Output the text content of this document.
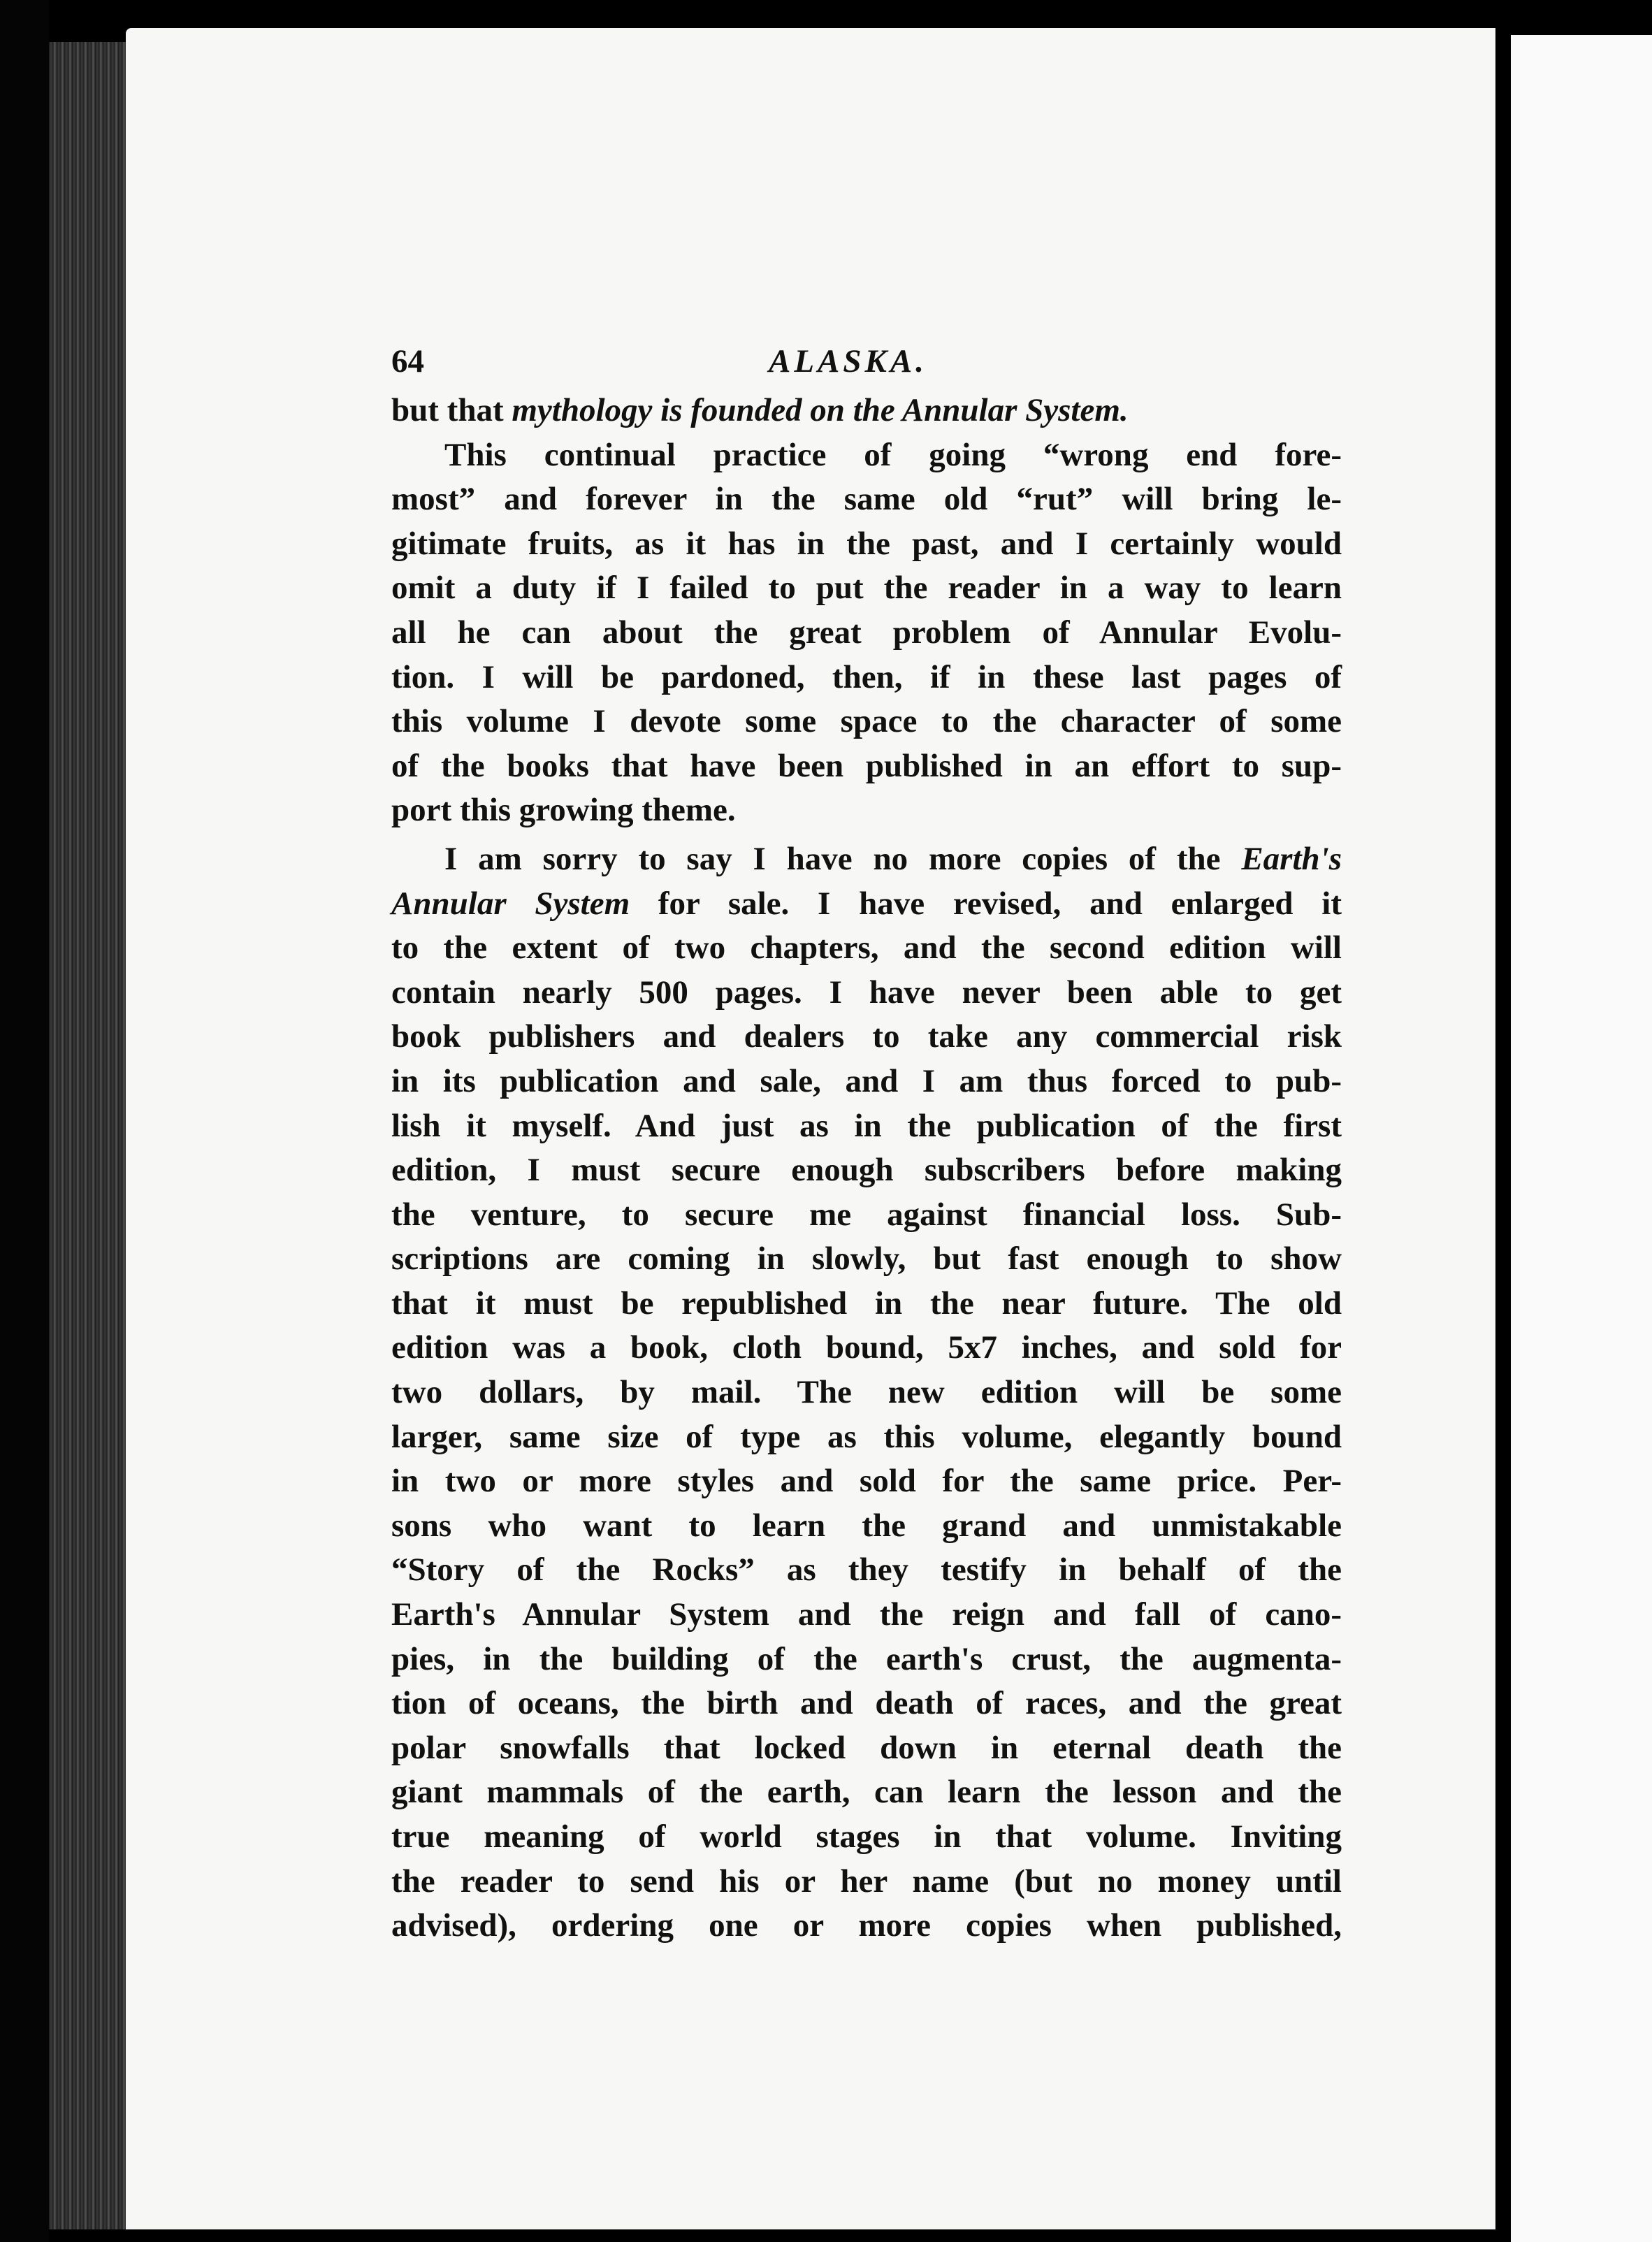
64	ALASKA.
but that mythology is founded on the Annular System.
This continual practice of going “wrong end fore-
most” and forever in the same old “rut” will bring le-
gitimate fruits, as it has in the past, and I certainly would
omit a duty if I failed to put the reader in a way to learn
all he can about the great problem of Annular Evolu-
tion. I will be pardoned, then, if in these last pages of
this volume I devote some space to the character of some
of the books that have been published in an effort to sup-
port this growing theme.
I am sorry to say I have no more copies of the Earth's
Annular System for sale. I have revised, and enlarged it
to the extent of two chapters, and the second edition will
contain nearly 500 pages. I have never been able to get
book publishers and dealers to take any commercial risk
in its publication and sale, and I am thus forced to pub-
lish it myself. And just as in the publication of the first
edition, I must secure enough subscribers before making
the venture, to secure me against financial loss. Sub-
scriptions are coming in slowly, but fast enough to show
that it must be republished in the near future. The old
edition was a book, cloth bound, 5x7 inches, and sold for
two dollars, by mail. The new edition will be some
larger, same size of type as this volume, elegantly bound
in two or more styles and sold for the same price. Per-
sons who want to learn the grand and unmistakable
“Story of the Rocks” as they testify in behalf of the
Earth's Annular System and the reign and fall of cano-
pies, in the building of the earth's crust, the augmenta-
tion of oceans, the birth and death of races, and the great
polar snowfalls that locked down in eternal death the
giant mammals of the earth, can learn the lesson and the
true meaning of world stages in that volume. Inviting
the reader to send his or her name (but no money until
advised), ordering one or more copies when published,
